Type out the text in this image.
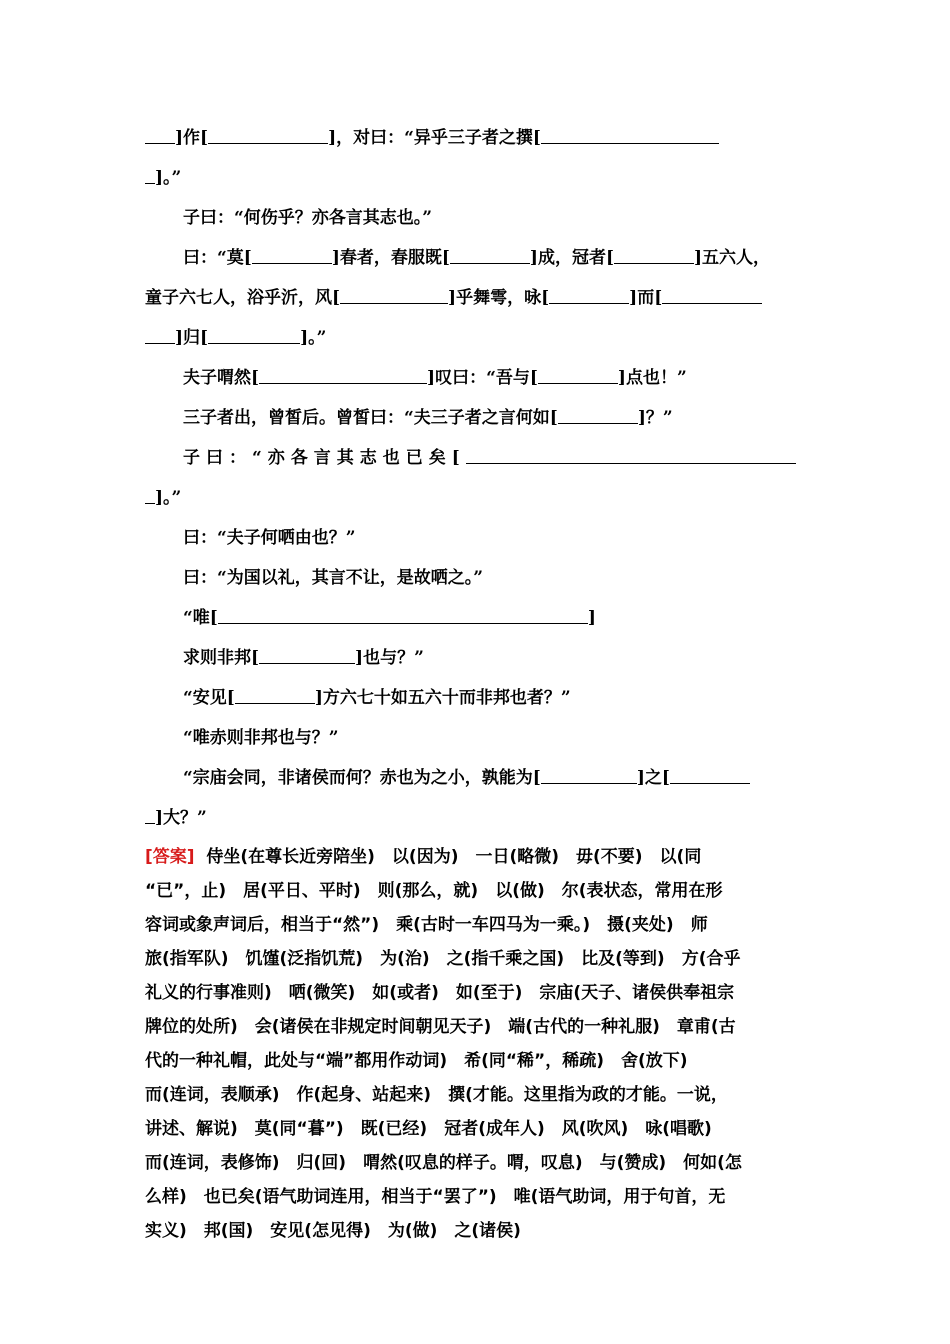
]作[	]，对曰：“异乎三子者之撰[
]。”
子曰：“何伤乎？亦各言其志也。”
曰：“莫[	]春者，春服既[	]成，冠者[	]五六人，
童子六七人，浴乎沂，风[	]乎舞雩，咏[	]而[
]归[	]。”
夫子喟然[	]叹曰：“吾与[	]点也！”
三子者出，曾皙后。曾皙曰：“夫三子者之言何如[	]？”
子曰：“亦各言其志也已矣[
]。”
曰：“夫子何哂由也？”
曰：“为国以礼，其言不让，是故哂之。”
“唯[	]
求则非邦[	]也与？”
“安见[	]方六七十如五六十而非邦也者？”
“唯赤则非邦也与？”
“宗庙会同，非诸侯而何？赤也为之小，孰能为[	]之[
]大？”
[答案] 侍坐(在尊长近旁陪坐)　以(因为)　一日(略微)　毋(不要)　以(同
“已”，止)　居(平日、平时)　则(那么，就)　以(做)　尔(表状态，常用在形
容词或象声词后，相当于“然”)　乘(古时一车四马为一乘。)　摄(夹处)　师
旅(指军队)　饥馑(泛指饥荒)　为(治)　之(指千乘之国)　比及(等到)　方(合乎
礼义的行事准则)　哂(微笑)　如(或者)　如(至于)　宗庙(天子、诸侯供奉祖宗
牌位的处所)　会(诸侯在非规定时间朝见天子)　端(古代的一种礼服)　章甫(古
代的一种礼帽，此处与“端”都用作动词)　希(同“稀”，稀疏)　舍(放下)
而(连词，表顺承)　作(起身、站起来)　撰(才能。这里指为政的才能。一说，
讲述、解说)　莫(同“暮”)　既(已经)　冠者(成年人)　风(吹风)　咏(唱歌)
而(连词，表修饰)　归(回)　喟然(叹息的样子。喟，叹息)　与(赞成)　何如(怎
么样)　也已矣(语气助词连用，相当于“罢了”)　唯(语气助词，用于句首，无
实义)　邦(国)　安见(怎见得)　为(做)　之(诸侯)
